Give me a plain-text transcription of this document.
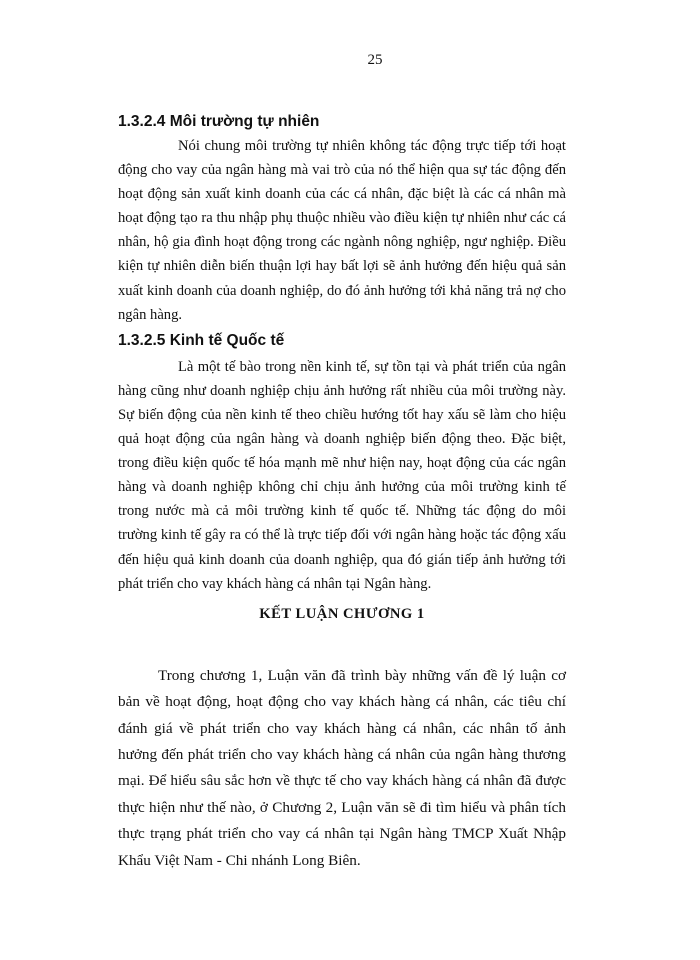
25
1.3.2.4 Môi trường tự nhiên

Nói chung môi trường tự nhiên không tác động trực tiếp tới hoạt động cho vay của ngân hàng mà vai trò của nó thể hiện qua sự tác động đến hoạt động sản xuất kinh doanh của các cá nhân, đặc biệt là các cá nhân mà hoạt động tạo ra thu nhập phụ thuộc nhiều vào điều kiện tự nhiên như các cá nhân, hộ gia đình hoạt động trong các ngành nông nghiệp, ngư nghiệp. Điều kiện tự nhiên diễn biến thuận lợi hay bất lợi sẽ ảnh hưởng đến hiệu quả sản xuất kinh doanh của doanh nghiệp, do đó ảnh hưởng tới khả năng trả nợ cho ngân hàng.

1.3.2.5 Kinh tế Quốc tế

Là một tế bào trong nền kinh tế, sự tồn tại và phát triển của ngân hàng cũng như doanh nghiệp chịu ảnh hưởng rất nhiều của môi trường này. Sự biến động của nền kinh tế theo chiều hướng tốt hay xấu sẽ làm cho hiệu quả hoạt động của ngân hàng và doanh nghiệp biến động theo. Đặc biệt, trong điều kiện quốc tế hóa mạnh mẽ như hiện nay, hoạt động của các ngân hàng và doanh nghiệp không chỉ chịu ảnh hưởng của môi trường kinh tế trong nước mà cả môi trường kinh tế quốc tế. Những tác động do môi trường kinh tế gây ra có thể là trực tiếp đối với ngân hàng hoặc tác động xấu đến hiệu quả kinh doanh của doanh nghiệp, qua đó gián tiếp ảnh hưởng tới phát triển cho vay khách hàng cá nhân tại Ngân hàng.

KẾT LUẬN CHƯƠNG 1

Trong chương 1, Luận văn đã trình bày những vấn đề lý luận cơ bản về hoạt động, hoạt động cho vay khách hàng cá nhân, các tiêu chí đánh giá về phát triển cho vay khách hàng cá nhân, các nhân tố ảnh hưởng đến phát triển cho vay khách hàng cá nhân của ngân hàng thương mại. Để hiểu sâu sắc hơn về thực tế cho vay khách hàng cá nhân đã được thực hiện như thế nào, ở Chương 2, Luận văn sẽ đi tìm hiểu và phân tích thực trạng phát triển cho vay cá nhân tại Ngân hàng TMCP Xuất Nhập Khẩu Việt Nam - Chi nhánh Long Biên.
